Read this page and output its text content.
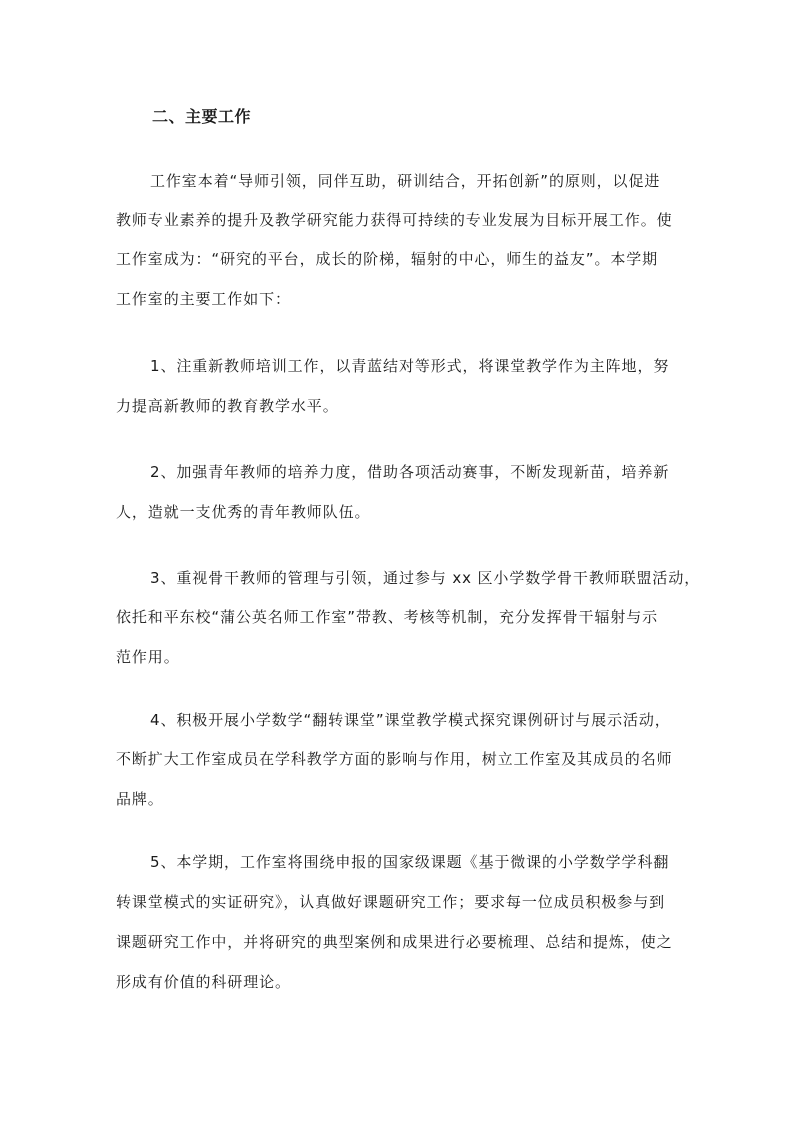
二、主要工作
工作室本着“导师引领，同伴互助，研训结合，开拓创新”的原则，以促进
教师专业素养的提升及教学研究能力获得可持续的专业发展为目标开展工作。使
工作室成为：“研究的平台，成长的阶梯，辐射的中心，师生的益友”。本学期
工作室的主要工作如下：
1、注重新教师培训工作，以青蓝结对等形式，将课堂教学作为主阵地，努
力提高新教师的教育教学水平。
2、加强青年教师的培养力度，借助各项活动赛事，不断发现新苗，培养新
人，造就一支优秀的青年教师队伍。
3、重视骨干教师的管理与引领，通过参与 xx 区小学数学骨干教师联盟活动，
依托和平东校“蒲公英名师工作室”带教、考核等机制，充分发挥骨干辐射与示
范作用。
4、积极开展小学数学“翻转课堂”课堂教学模式探究课例研讨与展示活动，
不断扩大工作室成员在学科教学方面的影响与作用，树立工作室及其成员的名师
品牌。
5、本学期，工作室将围绕申报的国家级课题《基于微课的小学数学学科翻
转课堂模式的实证研究》，认真做好课题研究工作；要求每一位成员积极参与到
课题研究工作中，并将研究的典型案例和成果进行必要梳理、总结和提炼，使之
形成有价值的科研理论。
